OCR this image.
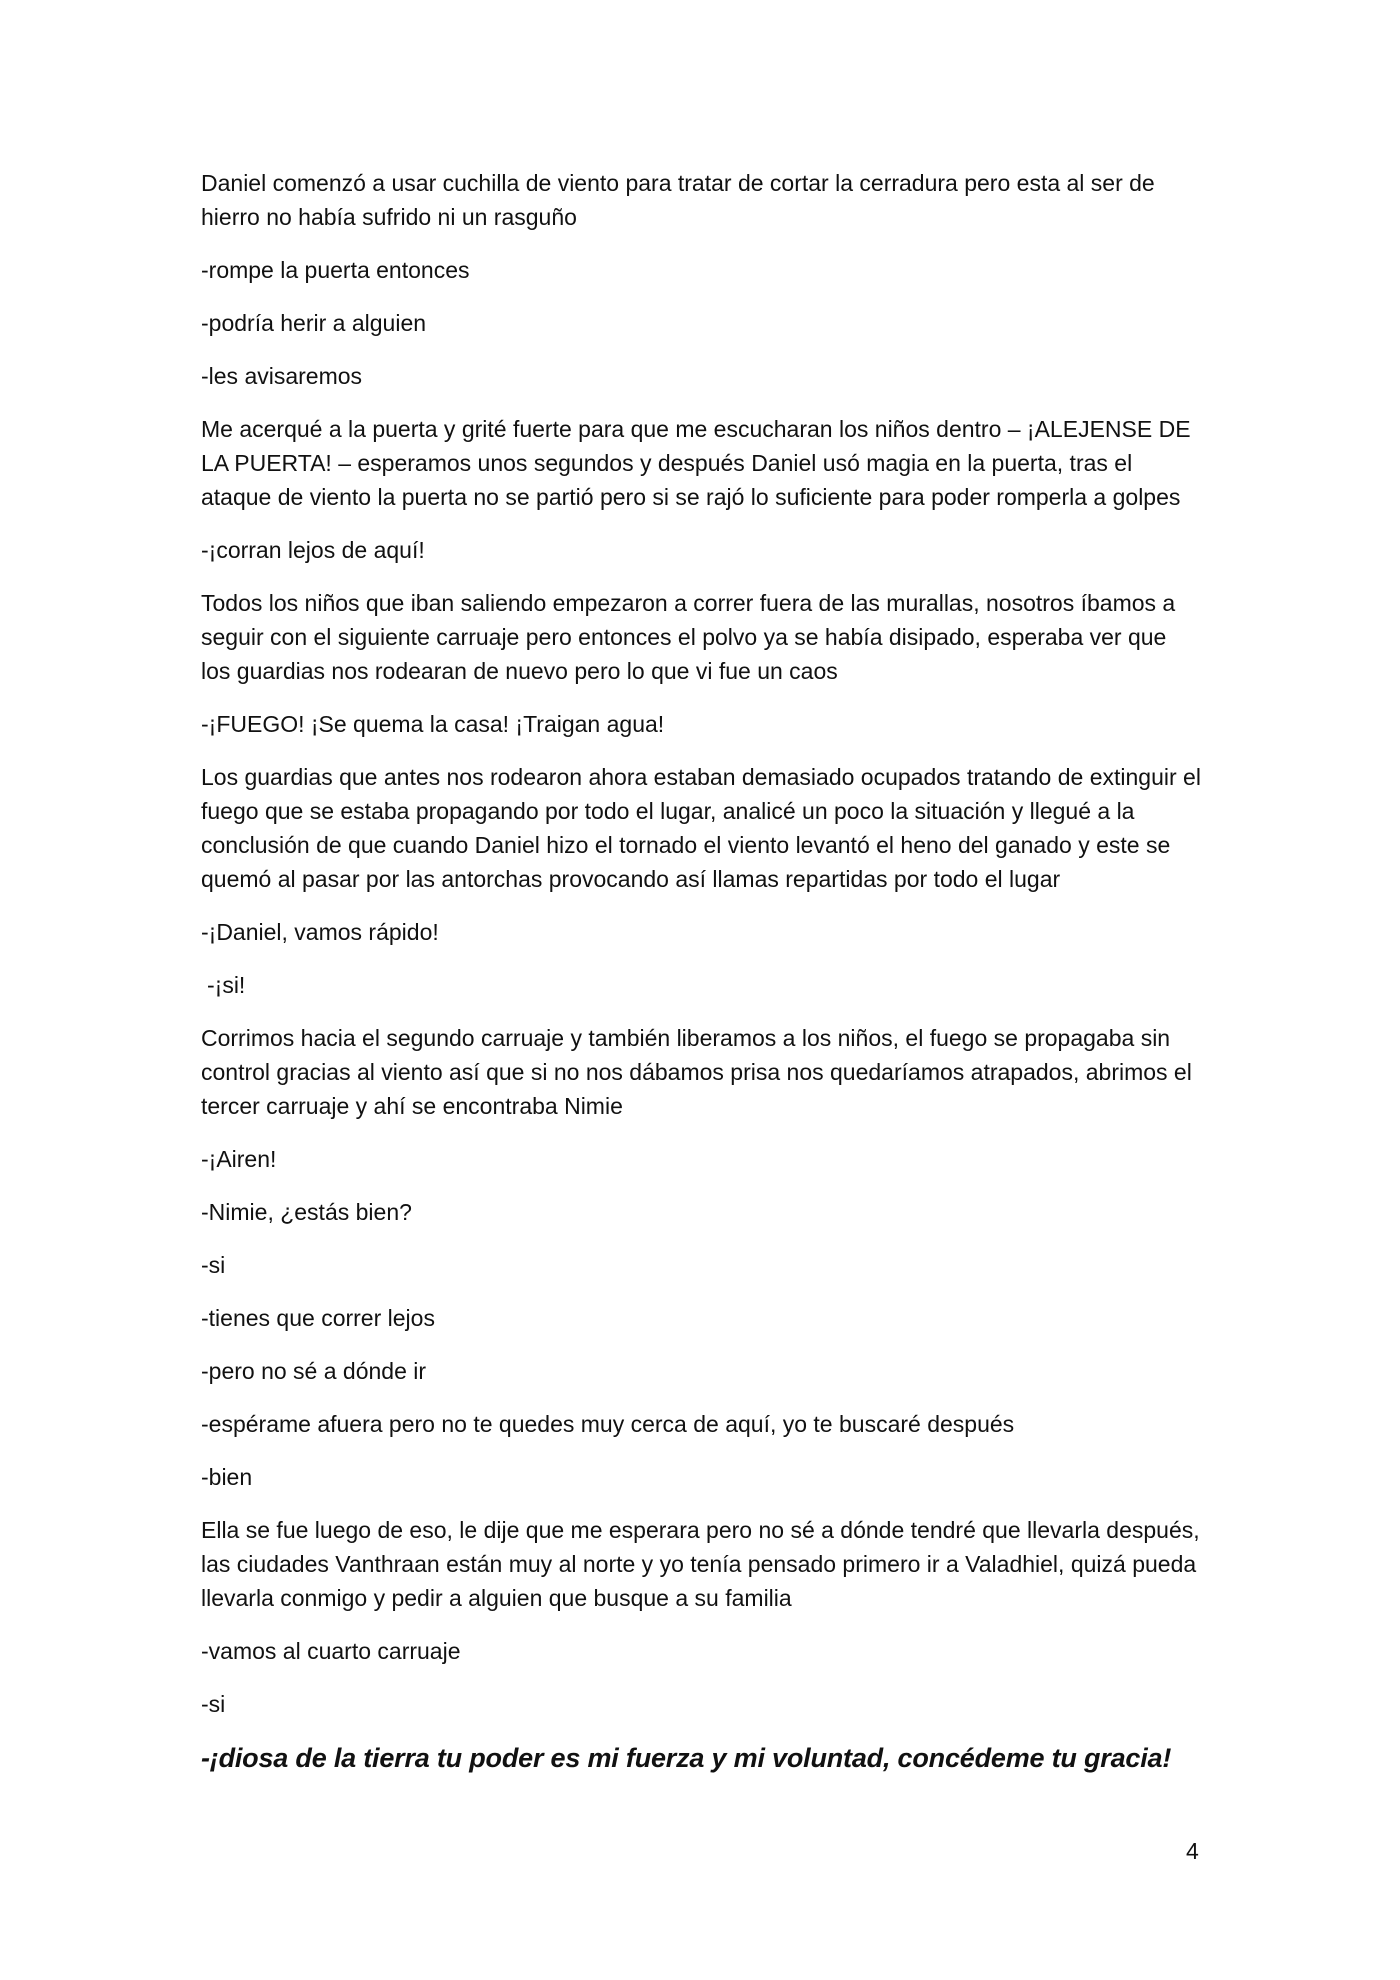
Daniel comenzó a usar cuchilla de viento para tratar de cortar la cerradura pero esta al ser de hierro no había sufrido ni un rasguño

-rompe la puerta entonces

-podría herir a alguien

-les avisaremos

Me acerqué a la puerta y grité fuerte para que me escucharan los niños dentro – ¡ALEJENSE DE LA PUERTA! – esperamos unos segundos y después Daniel usó magia en la puerta, tras el ataque de viento la puerta no se partió pero si se rajó lo suficiente para poder romperla a golpes

-¡corran lejos de aquí!

Todos los niños que iban saliendo empezaron a correr fuera de las murallas, nosotros íbamos a seguir con el siguiente carruaje pero entonces el polvo ya se había disipado, esperaba ver que los guardias nos rodearan de nuevo pero lo que vi fue un caos

-¡FUEGO! ¡Se quema la casa! ¡Traigan agua!

Los guardias que antes nos rodearon ahora estaban demasiado ocupados tratando de extinguir el fuego que se estaba propagando por todo el lugar, analicé un poco la situación y llegué a la conclusión de que cuando Daniel hizo el tornado el viento levantó el heno del ganado y este se quemó al pasar por las antorchas provocando así llamas repartidas por todo el lugar

-¡Daniel, vamos rápido!

-¡si!

Corrimos hacia el segundo carruaje y también liberamos a los niños, el fuego se propagaba sin control gracias al viento así que si no nos dábamos prisa nos quedaríamos atrapados, abrimos el tercer carruaje y ahí se encontraba Nimie

-¡Airen!

-Nimie, ¿estás bien?

-si

-tienes que correr lejos

-pero no sé a dónde ir

-espérame afuera pero no te quedes muy cerca de aquí, yo te buscaré después

-bien

Ella se fue luego de eso, le dije que me esperara pero no sé a dónde tendré que llevarla después, las ciudades Vanthraan están muy al norte y yo tenía pensado primero ir a Valadhiel, quizá pueda llevarla conmigo y pedir a alguien que busque a su familia

-vamos al cuarto carruaje

-si

-¡diosa de la tierra tu poder es mi fuerza y mi voluntad, concédeme tu gracia!

4
